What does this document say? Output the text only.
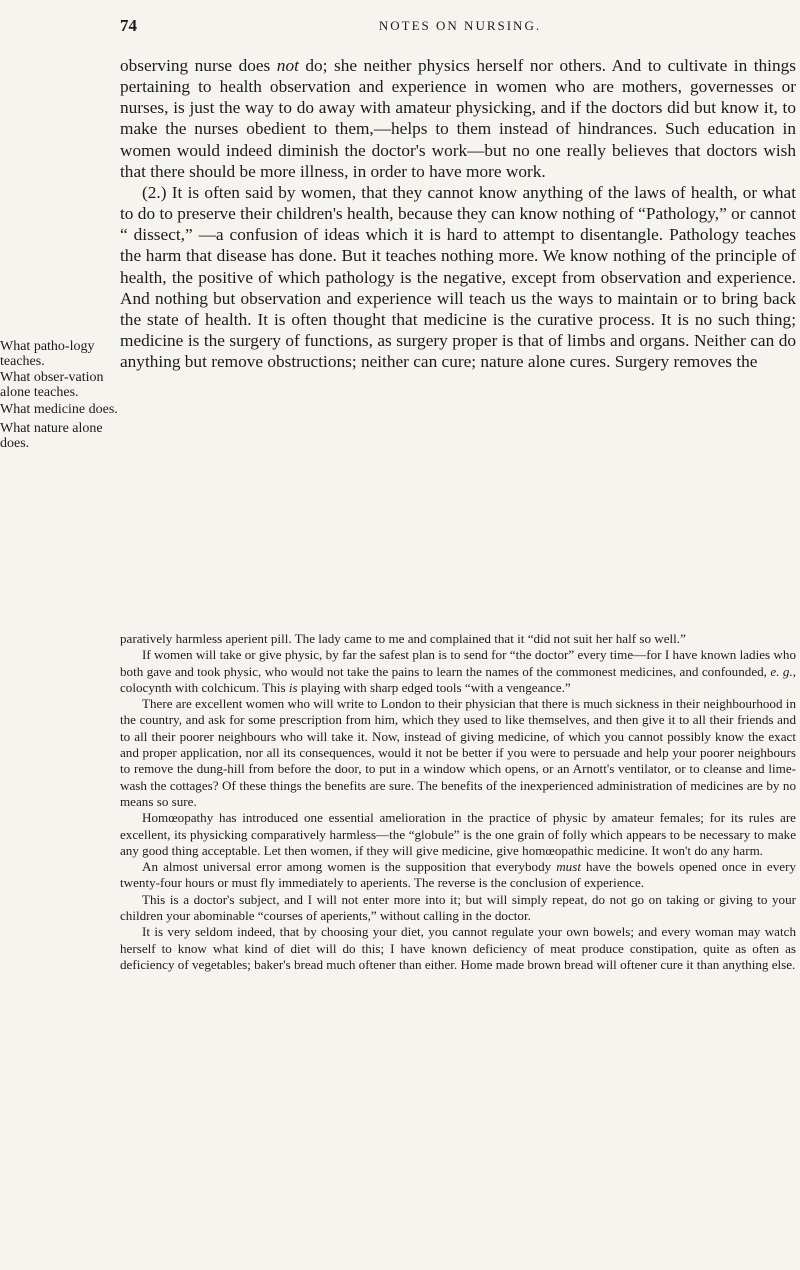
74	NOTES ON NURSING.
What patho-logy teaches.
What obser-vation alone teaches.
What medicine does.
What nature alone does.

observing nurse does not do; she neither physics herself nor others. And to cultivate in things pertaining to health observation and experience in women who are mothers, governesses or nurses, is just the way to do away with amateur physicking, and if the doctors did but know it, to make the nurses obedient to them,—helps to them instead of hindrances. Such education in women would indeed diminish the doctor's work—but no one really believes that doctors wish that there should be more illness, in order to have more work.

(2.) It is often said by women, that they cannot know anything of the laws of health, or what to do to preserve their children's health, because they can know nothing of “Pathology,” or cannot “ dissect,” —a confusion of ideas which it is hard to attempt to disentangle. Pathology teaches the harm that disease has done. But it teaches nothing more. We know nothing of the principle of health, the positive of which pathology is the negative, except from observation and experience. And nothing but observation and experience will teach us the ways to maintain or to bring back the state of health. It is often thought that medicine is the curative process. It is no such thing; medicine is the surgery of functions, as surgery proper is that of limbs and organs. Neither can do anything but remove obstructions; neither can cure; nature alone cures. Surgery removes the

paratively harmless aperient pill. The lady came to me and complained that it “did not suit her half so well.”

If women will take or give physic, by far the safest plan is to send for “the doctor” every time—for I have known ladies who both gave and took physic, who would not take the pains to learn the names of the commonest medicines, and confounded, e. g., colocynth with colchicum. This is playing with sharp edged tools “with a vengeance.”

There are excellent women who will write to London to their physician that there is much sickness in their neighbourhood in the country, and ask for some prescription from him, which they used to like themselves, and then give it to all their friends and to all their poorer neighbours who will take it. Now, instead of giving medicine, of which you cannot possibly know the exact and proper application, nor all its consequences, would it not be better if you were to persuade and help your poorer neighbours to remove the dung-hill from before the door, to put in a window which opens, or an Arnott's ventilator, or to cleanse and lime-wash the cottages? Of these things the benefits are sure. The benefits of the inexperienced administration of medicines are by no means so sure.

Homœopathy has introduced one essential amelioration in the practice of physic by amateur females; for its rules are excellent, its physicking comparatively harmless—the “globule” is the one grain of folly which appears to be necessary to make any good thing acceptable. Let then women, if they will give medicine, give homœopathic medicine. It won't do any harm.

An almost universal error among women is the supposition that everybody must have the bowels opened once in every twenty-four hours or must fly immediately to aperients. The reverse is the conclusion of experience.

This is a doctor's subject, and I will not enter more into it; but will simply repeat, do not go on taking or giving to your children your abominable “courses of aperients,” without calling in the doctor.

It is very seldom indeed, that by choosing your diet, you cannot regulate your own bowels; and every woman may watch herself to know what kind of diet will do this; I have known deficiency of meat produce constipation, quite as often as deficiency of vegetables; baker's bread much oftener than either. Home made brown bread will oftener cure it than anything else.
